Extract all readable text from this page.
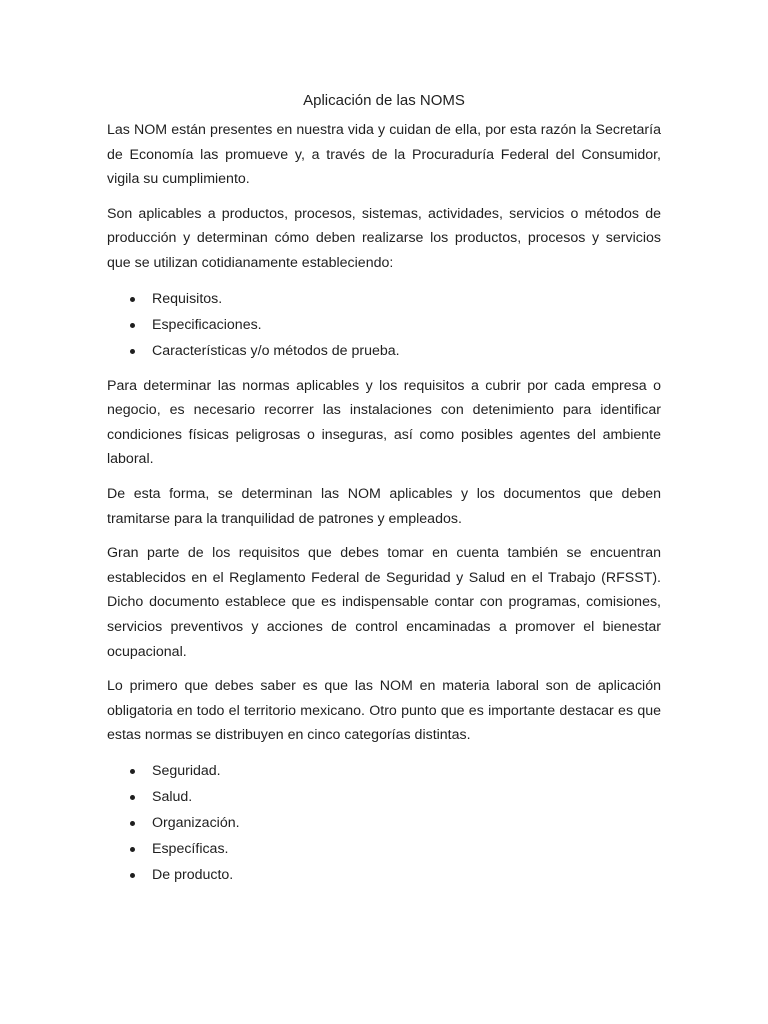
Aplicación de las NOMS

Las NOM están presentes en nuestra vida y cuidan de ella, por esta razón la Secretaría de Economía las promueve y, a través de la Procuraduría Federal del Consumidor, vigila su cumplimiento.

Son aplicables a productos, procesos, sistemas, actividades, servicios o métodos de producción y determinan cómo deben realizarse los productos, procesos y servicios que se utilizan cotidianamente estableciendo:

Requisitos.
Especificaciones.
Características y/o métodos de prueba.

Para determinar las normas aplicables y los requisitos a cubrir por cada empresa o negocio, es necesario recorrer las instalaciones con detenimiento para identificar condiciones físicas peligrosas o inseguras, así como posibles agentes del ambiente laboral.

De esta forma, se determinan las NOM aplicables y los documentos que deben tramitarse para la tranquilidad de patrones y empleados.

Gran parte de los requisitos que debes tomar en cuenta también se encuentran establecidos en el Reglamento Federal de Seguridad y Salud en el Trabajo (RFSST). Dicho documento establece que es indispensable contar con programas, comisiones, servicios preventivos y acciones de control encaminadas a promover el bienestar ocupacional.

Lo primero que debes saber es que las NOM en materia laboral son de aplicación obligatoria en todo el territorio mexicano. Otro punto que es importante destacar es que estas normas se distribuyen en cinco categorías distintas.

Seguridad.
Salud.
Organización.
Específicas.
De producto.
